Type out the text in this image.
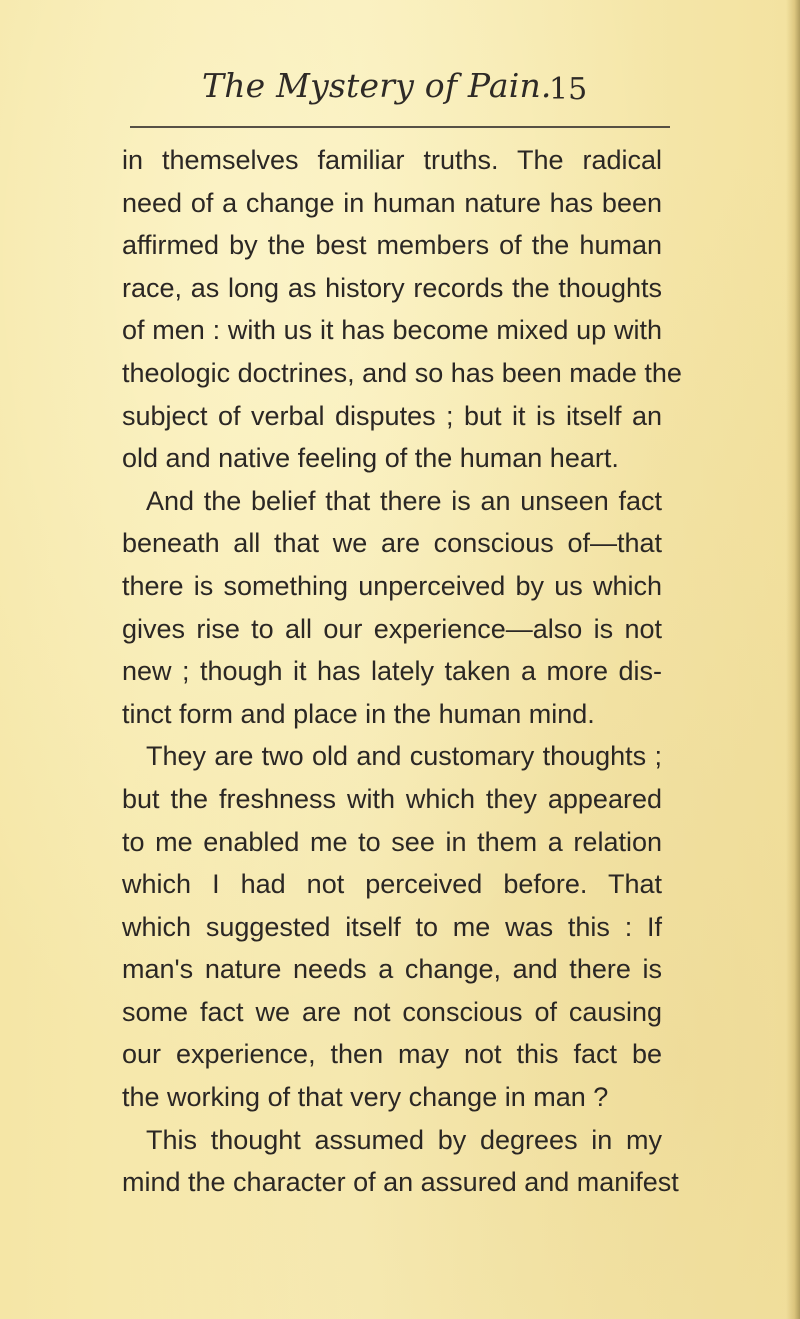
The Mystery of Pain.
15
in themselves familiar truths. The radical
need of a change in human nature has been
affirmed by the best members of the human
race, as long as history records the thoughts
of men : with us it has become mixed up with
theologic doctrines, and so has been made the
subject of verbal disputes ; but it is itself an
old and native feeling of the human heart.
And the belief that there is an unseen fact
beneath all that we are conscious of—that
there is something unperceived by us which
gives rise to all our experience—also is not
new ; though it has lately taken a more dis-
tinct form and place in the human mind.
They are two old and customary thoughts ;
but the freshness with which they appeared
to me enabled me to see in them a relation
which I had not perceived before. That
which suggested itself to me was this : If
man's nature needs a change, and there is
some fact we are not conscious of causing
our experience, then may not this fact be
the working of that very change in man ?
This thought assumed by degrees in my
mind the character of an assured and manifest
